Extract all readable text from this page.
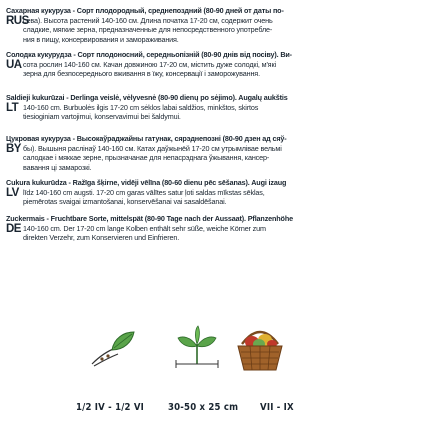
Сахарная кукуруза - Сорт плодородный, среднепоздний (80-90 дней от даты по-
RUS
сева). Высота растений 140-160 см. Длина початка 17-20 см, содержит очень
сладкие, мягкие зерна, предназначенные для непосредственного употребле-
ния в пищу, консервирования и замораживания.
Солодка кукурудза - Сорт плодоносний, середньопізній (80-90 днів від посіву). Ви-
UA сота рослин 140-160 см. Качан довжиною 17-20 см, містить дуже солодкі, м'які
зерна для безпосереднього вживання в їжу, консервації і заморожування.
Saldieji kukurūzai - Derlinga veislė, vėlyvesnė (80-90 dienų po sėjimo). Augalų aukštis
LT 140-160 cm. Burbuolės ilgis 17-20 cm sėklos labai saldžios, minkštos, skirtos
tiesioginiam vartojimui, konservavimui bei šaldymui.
Цукровая кукуруза - Высокаўраджайны гатунак, сярэднепозні (80-90 дзен ад сяў-
BY бы). Вышыня раслінаў 140-160 см. Катах даўжынёй 17-20 см утрымлівае вельмі
салодкае і мяккае зерне, прызначанае для непасрэднага ўжывання, кансер-
вавання ці замарозкі.
Cukura kukurūdza - Ražīga šķirne, vidēji vēlīna (80-60 dienu pēc sēšanas). Augi izaug
LV līdz 140-160 cm augsti. 17-20 cm garas vālītes satur ļoti saldas mīkstas sēklas,
piemērotas svaigai izmantošanai, konservēšanai vai sasaldēšanai.
Zuckermais - Fruchtbare Sorte, mittelspät (80-90 Tage nach der Aussaat). Pflanzenhöhe
DE 140-160 cm. Der 17-20 cm lange Kolben enthält sehr süße, weiche Körner zum
direkten Verzehr, zum Konservieren und Einfrieren.
1/2 IV - 1/2 VI	30-50 x 25 cm VII - IX
